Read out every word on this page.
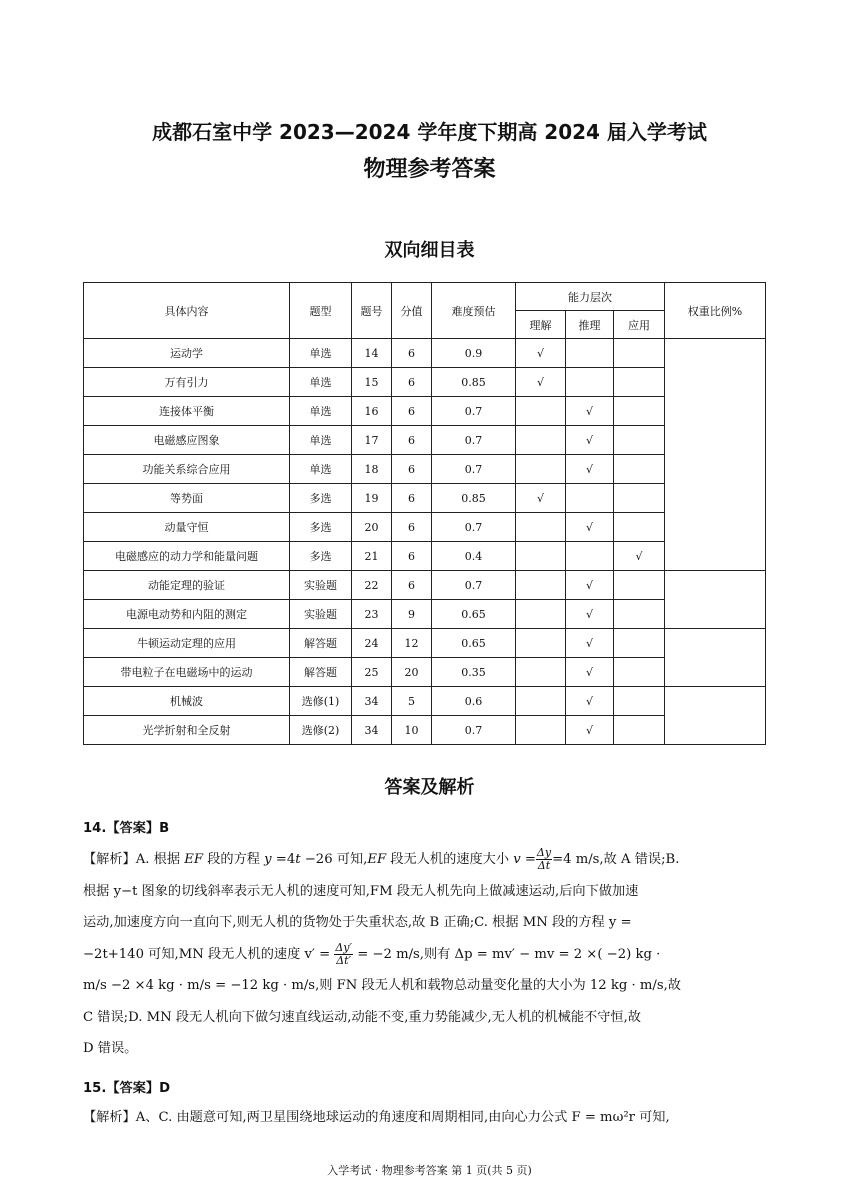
成都石室中学 2023—2024 学年度下期高 2024 届入学考试
物理参考答案
双向细目表
具体内容	题型	题号	分值	难度预估	能力层次			权重比例%
					理解	推理	应用	
运动学	单选	14	6	0.9	√			
万有引力	单选	15	6	0.85	√			
连接体平衡	单选	16	6	0.7		√		
电磁感应图象	单选	17	6	0.7		√		
功能关系综合应用	单选	18	6	0.7		√		
等势面	多选	19	6	0.85	√			
动量守恒	多选	20	6	0.7		√		
电磁感应的动力学和能量问题	多选	21	6	0.4			√	
动能定理的验证	实验题	22	6	0.7		√		
电源电动势和内阻的测定	实验题	23	9	0.65		√		
牛顿运动定理的应用	解答题	24	12	0.65		√		
带电粒子在电磁场中的运动	解答题	25	20	0.35		√		
机械波	选修(1)	34	5	0.6		√		
光学折射和全反射	选修(2)	34	10	0.7		√		
答案及解析
14.【答案】B

【解析】A. 根据 EF 段的方程 y =4t −26 可知,EF 段无人机的速度大小 $v = \frac{\Delta y}{\Delta t} =4$ m/s,故 A 错误;B.

根据 y−t 图象的切线斜率表示无人机的速度可知,FM 段无人机先向上做减速运动,后向下做加速

运动,加速度方向一直向下,则无人机的货物处于失重状态,故 B 正确;C. 根据 MN 段的方程 y =

−2t+140 可知,MN 段无人机的速度 $v' = \frac{\Delta y'}{\Delta t'} = -2$ m/s,则有 Δp = mv′ − mv = 2 ×( −2) kg ·

m/s −2 ×4 kg · m/s = −12 kg · m/s,则 FN 段无人机和载物总动量变化量的大小为 12 kg · m/s,故

C 错误;D. MN 段无人机向下做匀速直线运动,动能不变,重力势能减少,无人机的机械能不守恒,故

D 错误。

15.【答案】D

【解析】A、C. 由题意可知,两卫星围绕地球运动的角速度和周期相同,由向心力公式 F = mω²r 可知,

入学考试 · 物理参考答案 第 1 页(共 5 页)
